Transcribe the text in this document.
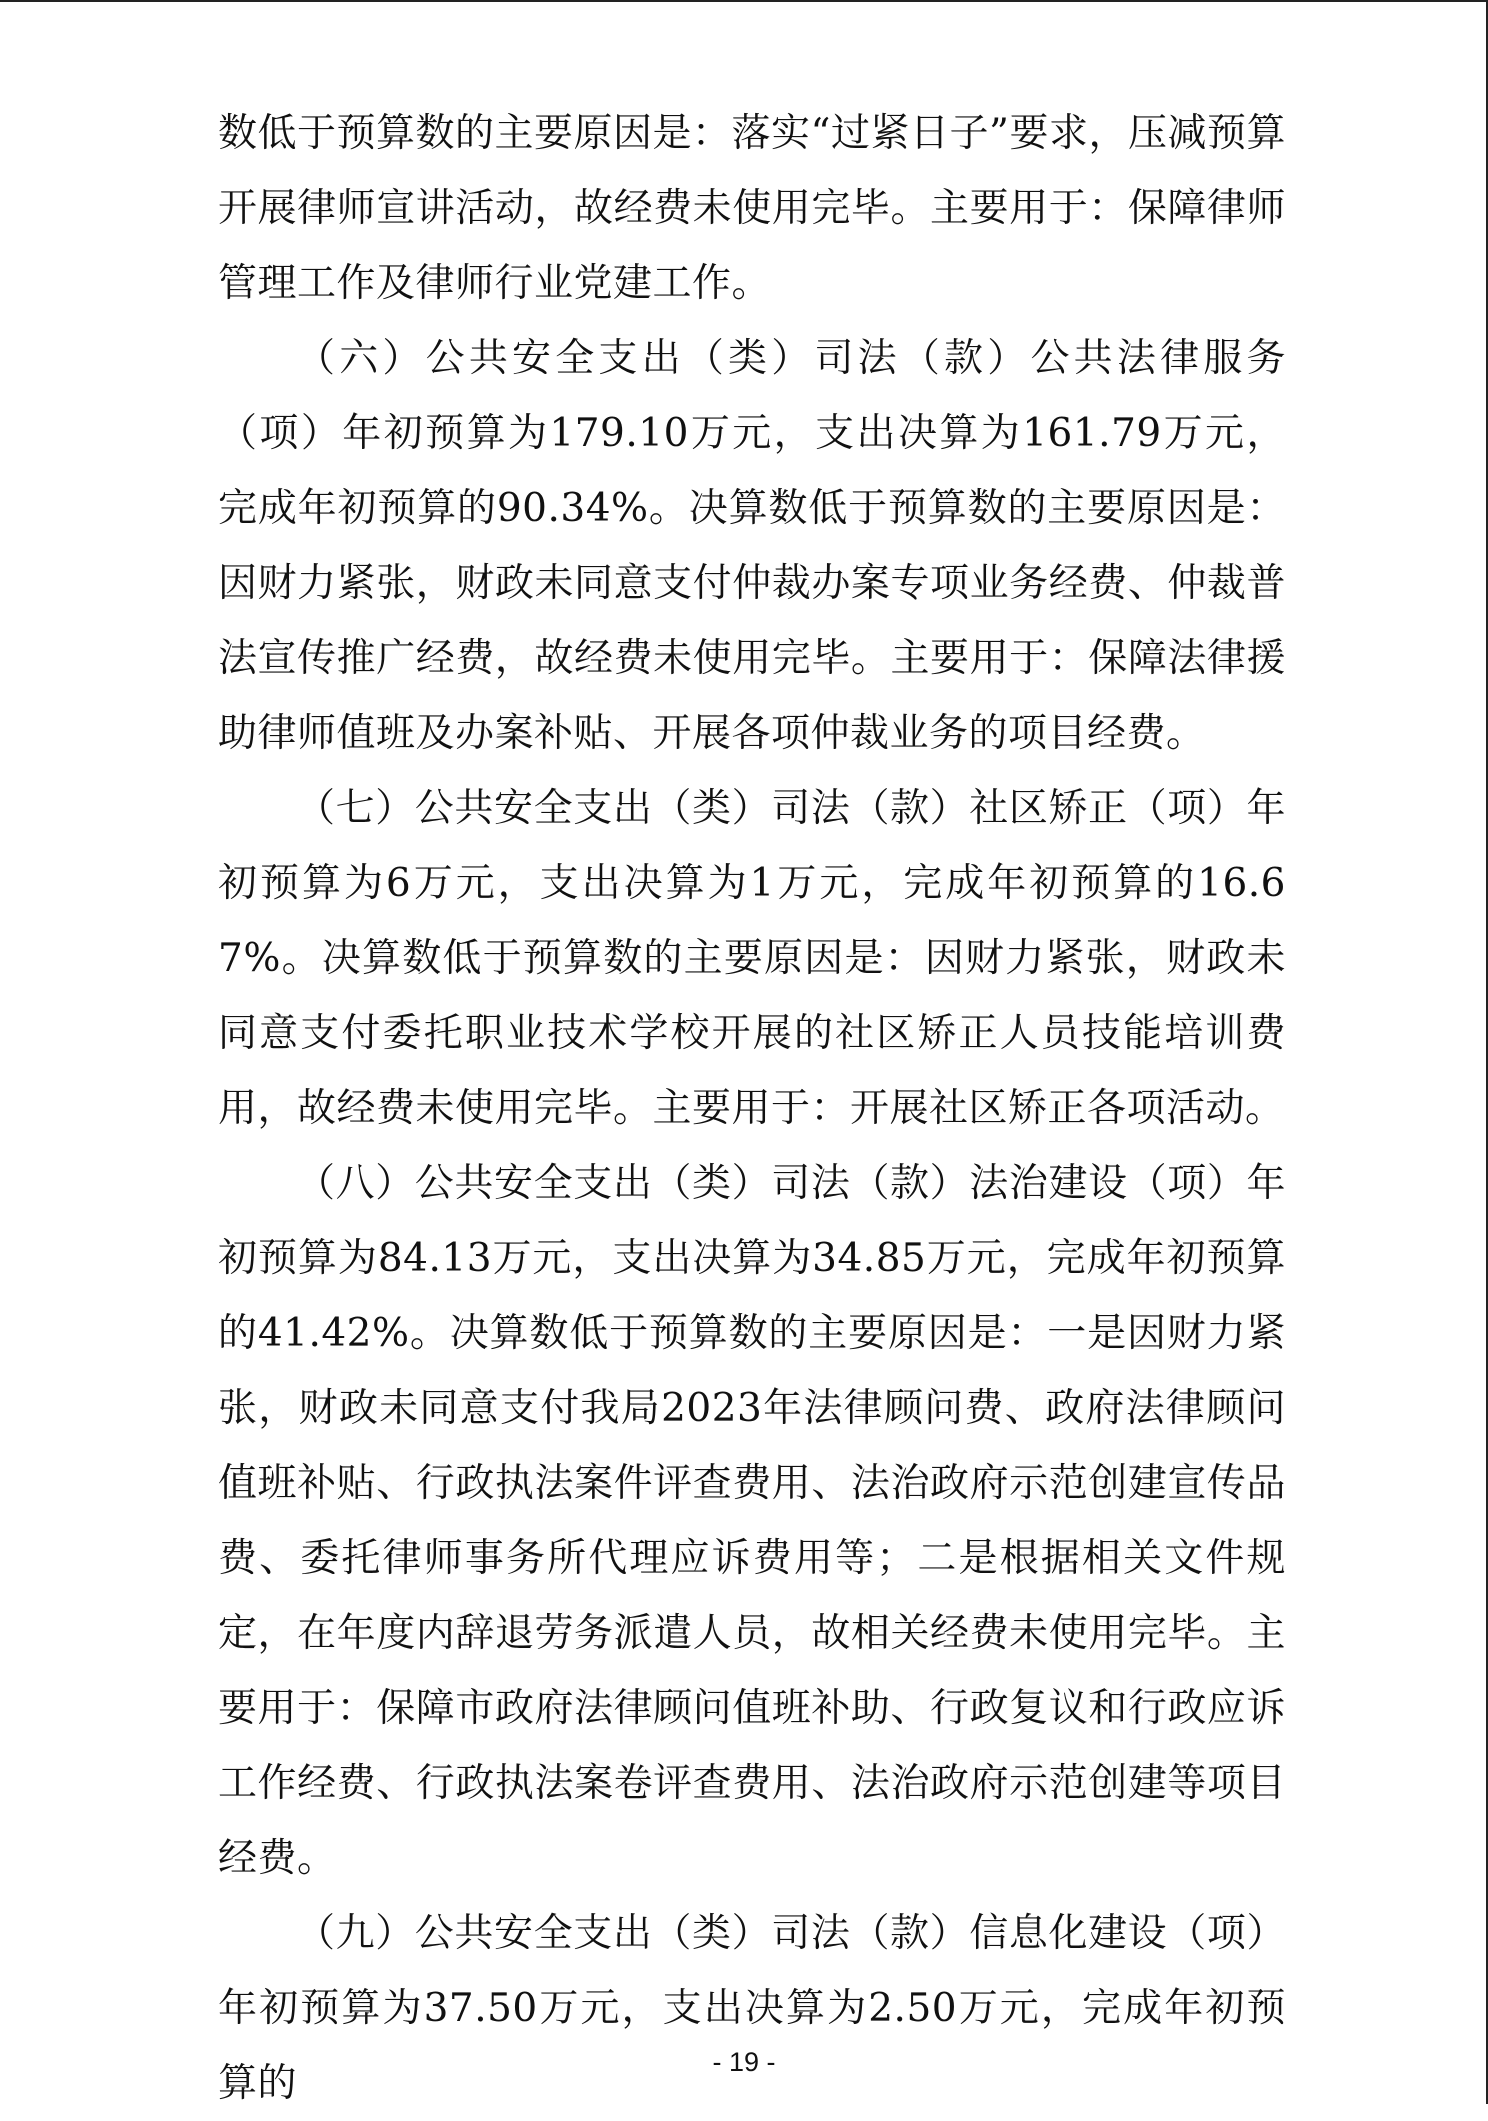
数低于预算数的主要原因是：落实“过紧日子”要求，压减预算开展律师宣讲活动，故经费未使用完毕。主要用于：保障律师管理工作及律师行业党建工作。

（六）公共安全支出（类）司法（款）公共法律服务（项）年初预算为179.10万元，支出决算为161.79万元，完成年初预算的90.34%。决算数低于预算数的主要原因是：因财力紧张，财政未同意支付仲裁办案专项业务经费、仲裁普法宣传推广经费，故经费未使用完毕。主要用于：保障法律援助律师值班及办案补贴、开展各项仲裁业务的项目经费。

（七）公共安全支出（类）司法（款）社区矫正（项）年初预算为6万元，支出决算为1万元，完成年初预算的16.67%。决算数低于预算数的主要原因是：因财力紧张，财政未同意支付委托职业技术学校开展的社区矫正人员技能培训费用，故经费未使用完毕。主要用于：开展社区矫正各项活动。

（八）公共安全支出（类）司法（款）法治建设（项）年初预算为84.13万元，支出决算为34.85万元，完成年初预算的41.42%。决算数低于预算数的主要原因是：一是因财力紧张，财政未同意支付我局2023年法律顾问费、政府法律顾问值班补贴、行政执法案件评查费用、法治政府示范创建宣传品费、委托律师事务所代理应诉费用等；二是根据相关文件规定，在年度内辞退劳务派遣人员，故相关经费未使用完毕。主要用于：保障市政府法律顾问值班补助、行政复议和行政应诉工作经费、行政执法案卷评查费用、法治政府示范创建等项目经费。

（九）公共安全支出（类）司法（款）信息化建设（项）年初预算为37.50万元，支出决算为2.50万元，完成年初预算的	- 19 -
